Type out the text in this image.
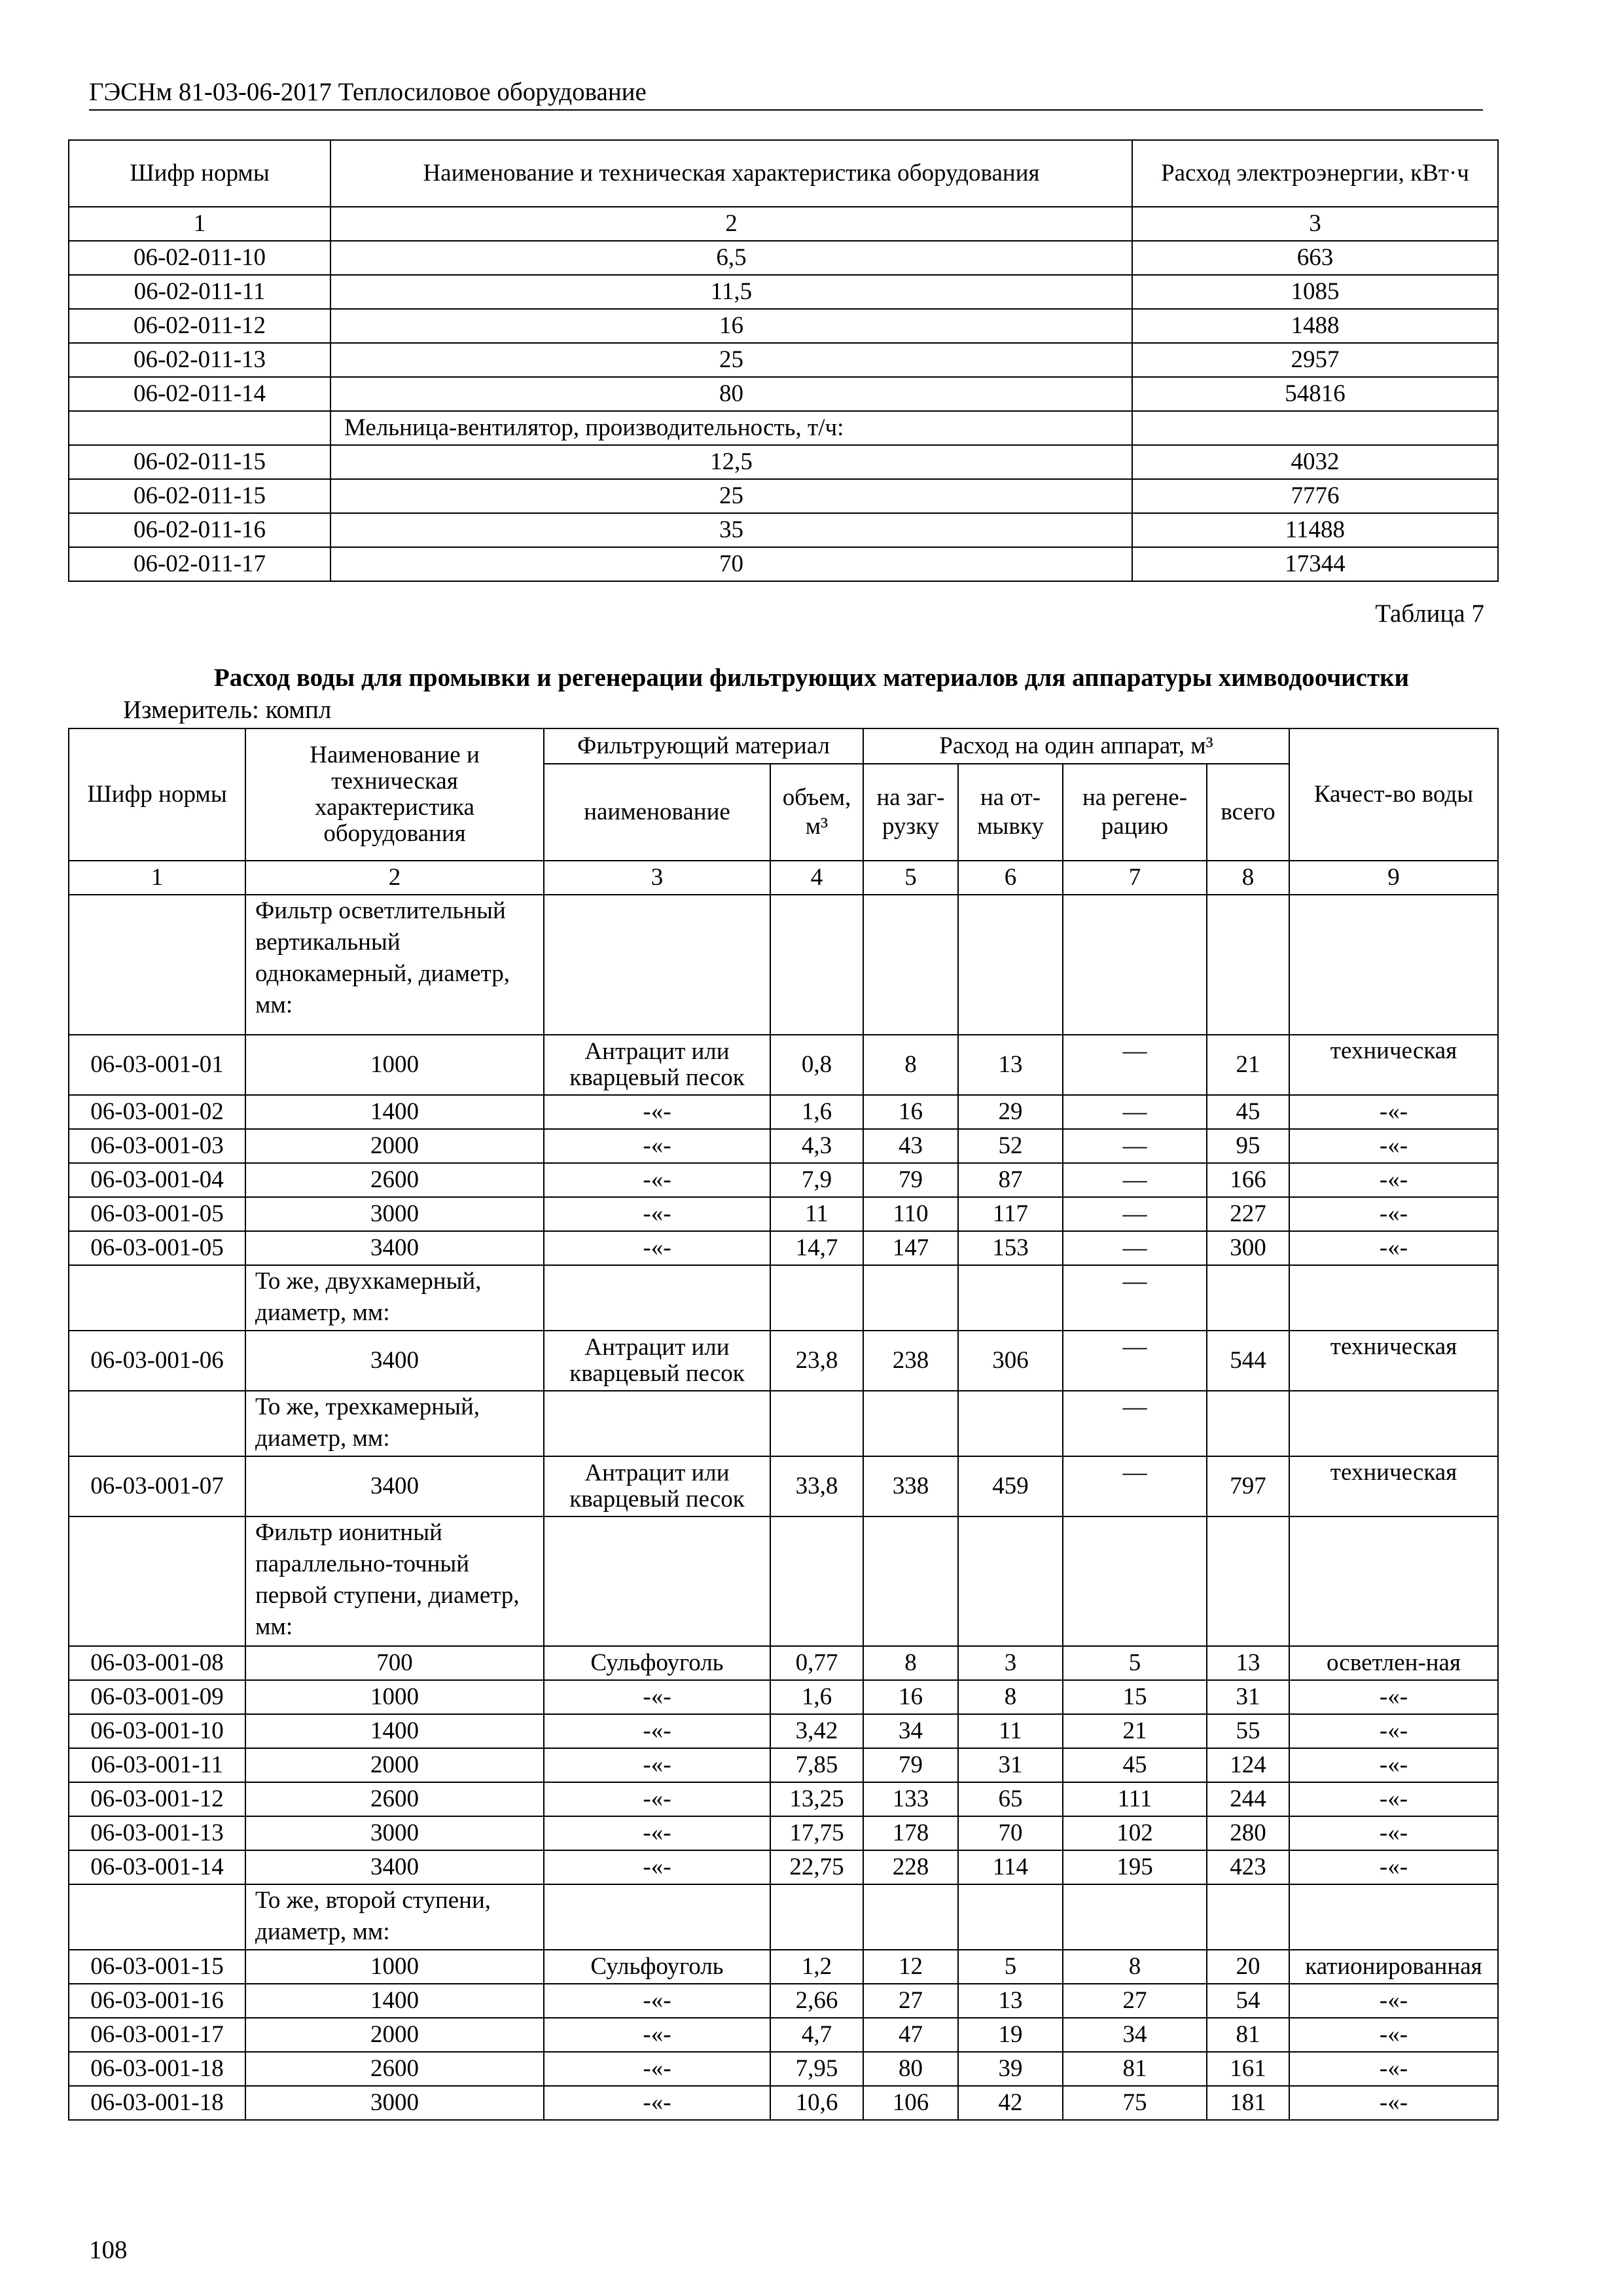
ГЭСНм 81-03-06-2017 Теплосиловое оборудование
Шифр нормы	Наименование и техническая характеристика оборудования	Расход электроэнергии, кВт·ч
1	2	3
06-02-011-10	6,5	663
06-02-011-11	11,5	1085
06-02-011-12	16	1488
06-02-011-13	25	2957
06-02-011-14	80	54816
	Мельница-вентилятор, производительность, т/ч:	
06-02-011-15	12,5	4032
06-02-011-15	25	7776
06-02-011-16	35	11488
06-02-011-17	70	17344
Таблица 7
Расход воды для промывки и регенерации фильтрующих материалов для аппаратуры химводоочистки
Измеритель: компл
Шифр нормы	Наименование и техническая характеристика оборудования	Фильтрующий материал		Расход на один аппарат, м³				Качест-во воды
		наименование	объем, м³	на заг-рузку	на от-мывку	на регене-рацию	всего	
1	2	3	4	5	6	7	8	9
	Фильтр осветлительный вертикальный однокамерный, диаметр, мм:							
06-03-001-01	1000	Антрацит или кварцевый песок	0,8	8	13	—	21	техническая
06-03-001-02	1400	-«-	1,6	16	29	—	45	-«-
06-03-001-03	2000	-«-	4,3	43	52	—	95	-«-
06-03-001-04	2600	-«-	7,9	79	87	—	166	-«-
06-03-001-05	3000	-«-	11	110	117	—	227	-«-
06-03-001-05	3400	-«-	14,7	147	153	—	300	-«-
	То же, двухкамерный, диаметр, мм:					—		
06-03-001-06	3400	Антрацит или кварцевый песок	23,8	238	306	—	544	техническая
	То же, трехкамерный, диаметр, мм:					—		
06-03-001-07	3400	Антрацит или кварцевый песок	33,8	338	459	—	797	техническая
	Фильтр ионитный параллельно-точный первой ступени, диаметр, мм:							
06-03-001-08	700	Сульфоуголь	0,77	8	3	5	13	осветлен-ная
06-03-001-09	1000	-«-	1,6	16	8	15	31	-«-
06-03-001-10	1400	-«-	3,42	34	11	21	55	-«-
06-03-001-11	2000	-«-	7,85	79	31	45	124	-«-
06-03-001-12	2600	-«-	13,25	133	65	111	244	-«-
06-03-001-13	3000	-«-	17,75	178	70	102	280	-«-
06-03-001-14	3400	-«-	22,75	228	114	195	423	-«-
	То же, второй ступени, диаметр, мм:							
06-03-001-15	1000	Сульфоуголь	1,2	12	5	8	20	катионированная
06-03-001-16	1400	-«-	2,66	27	13	27	54	-«-
06-03-001-17	2000	-«-	4,7	47	19	34	81	-«-
06-03-001-18	2600	-«-	7,95	80	39	81	161	-«-
06-03-001-18	3000	-«-	10,6	106	42	75	181	-«-
108
